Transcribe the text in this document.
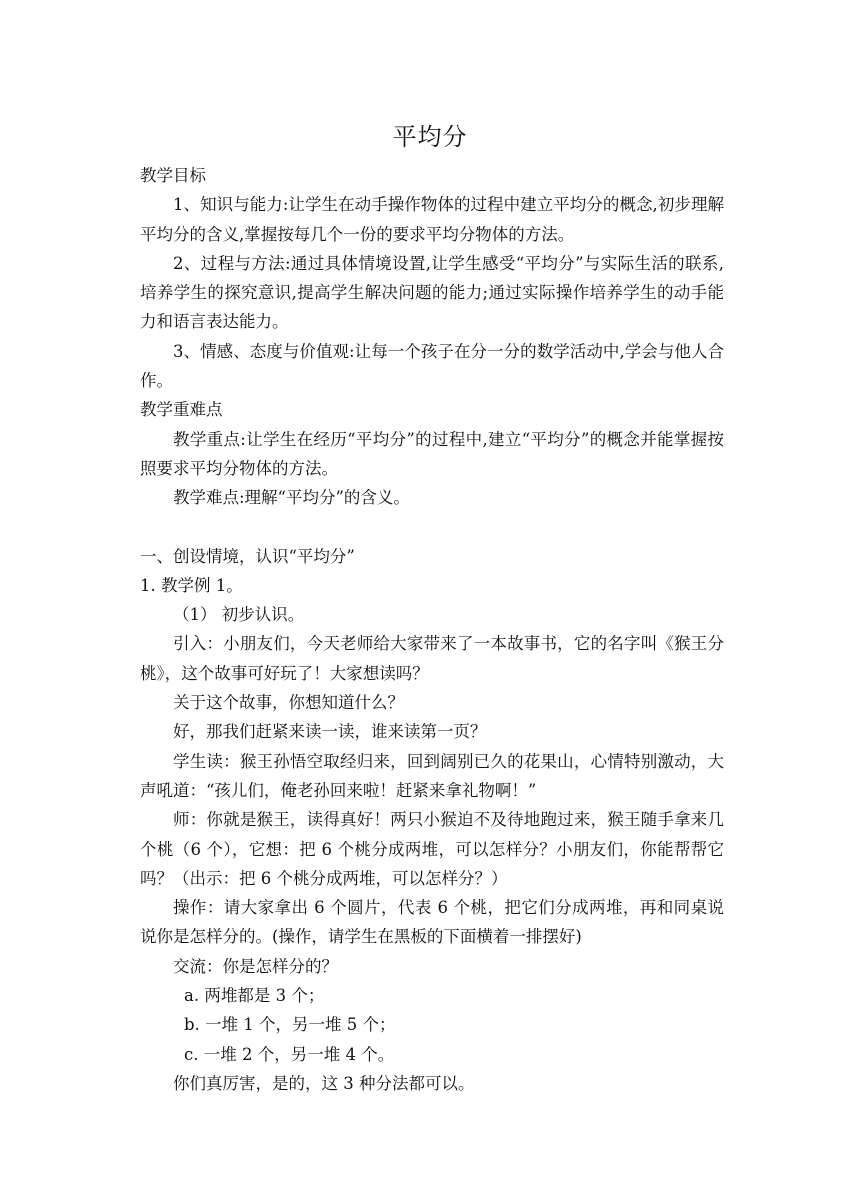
平均分

教学目标

1、知识与能力:让学生在动手操作物体的过程中建立平均分的概念,初步理解平均分的含义,掌握按每几个一份的要求平均分物体的方法。

2、过程与方法:通过具体情境设置,让学生感受“平均分”与实际生活的联系,培养学生的探究意识,提高学生解决问题的能力;通过实际操作培养学生的动手能力和语言表达能力。

3、情感、态度与价值观:让每一个孩子在分一分的数学活动中,学会与他人合作。

教学重难点

教学重点:让学生在经历“平均分”的过程中,建立“平均分”的概念并能掌握按照要求平均分物体的方法。

教学难点:理解“平均分”的含义。

一、创设情境，认识“平均分”

1. 教学例 1。

（1） 初步认识。

引入：小朋友们，今天老师给大家带来了一本故事书，它的名字叫《猴王分桃》，这个故事可好玩了！大家想读吗？

关于这个故事，你想知道什么？

好，那我们赶紧来读一读，谁来读第一页？

学生读：猴王孙悟空取经归来，回到阔别已久的花果山，心情特别激动，大声吼道：“孩儿们，俺老孙回来啦！赶紧来拿礼物啊！”

师：你就是猴王，读得真好！两只小猴迫不及待地跑过来，猴王随手拿来几个桃（6 个），它想：把 6 个桃分成两堆，可以怎样分？小朋友们，你能帮帮它吗？（出示：把 6 个桃分成两堆，可以怎样分？）

操作：请大家拿出 6 个圆片，代表 6 个桃，把它们分成两堆，再和同桌说说你是怎样分的。(操作，请学生在黑板的下面横着一排摆好)

交流：你是怎样分的？

a. 两堆都是 3 个；

b. 一堆 1 个，另一堆 5 个；

c. 一堆 2 个，另一堆 4 个。

你们真厉害，是的，这 3 种分法都可以。
